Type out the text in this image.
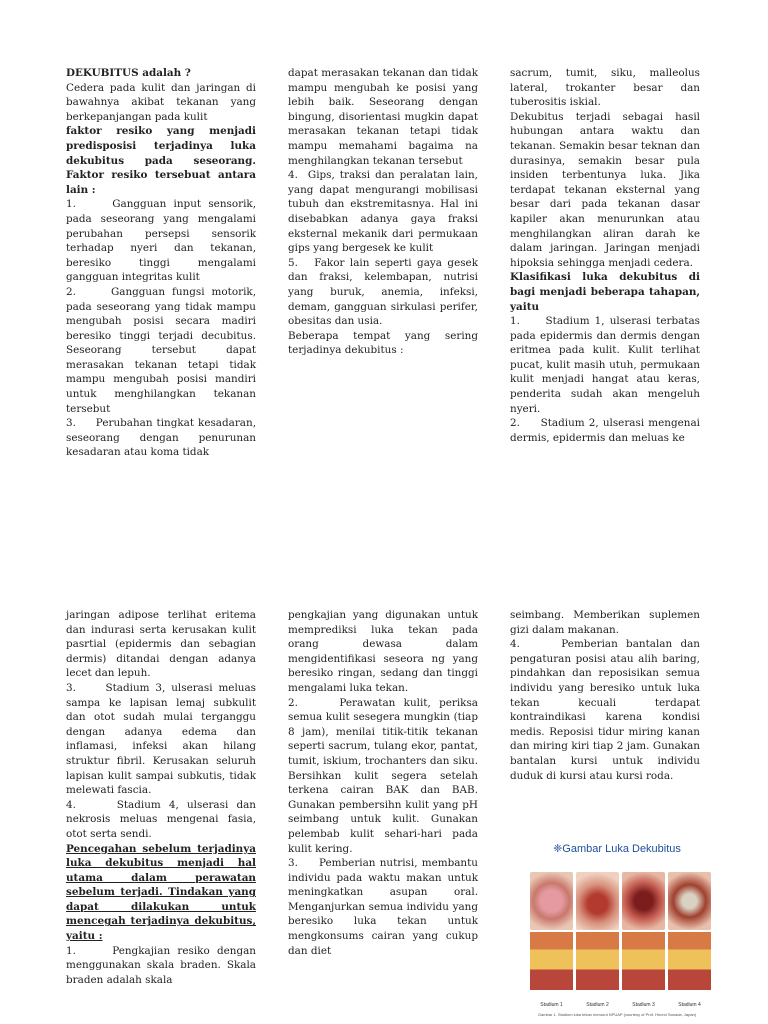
DEKUBITUS adalah ?

Cedera pada kulit dan jaringan di bawahnya akibat tekanan yang berkepanjangan pada kulit

faktor resiko yang menjadi predisposisi terjadinya luka dekubitus pada seseorang. Faktor resiko tersebuat antara lain :

1.     Gangguan input sensorik, pada seseorang yang mengalami perubahan persepsi sensorik terhadap nyeri dan tekanan, beresiko tinggi mengalami gangguan integritas kulit

2.     Gangguan fungsi motorik, pada seseorang yang tidak mampu mengubah posisi secara madiri beresiko tinggi terjadi decubitus. Seseorang tersebut dapat merasakan tekanan tetapi tidak mampu mengubah posisi mandiri untuk menghilangkan tekanan tersebut

3.     Perubahan tingkat kesadaran, seseorang dengan penurunan kesadaran atau koma tidak

dapat merasakan tekanan dan tidak mampu mengubah ke posisi yang lebih baik. Seseorang dengan bingung, disorientasi mugkin dapat merasakan tekanan tetapi tidak mampu memahami bagaima na menghilangkan tekanan tersebut

4.  Gips, traksi dan peralatan lain, yang dapat mengurangi mobilisasi tubuh dan ekstremitasnya. Hal ini disebabkan adanya gaya fraksi eksternal mekanik dari permukaan gips yang bergesek ke kulit

5.   Fakor lain seperti gaya gesek dan fraksi, kelembapan, nutrisi yang buruk, anemia, infeksi, demam, gangguan sirkulasi perifer, obesitas dan usia.

Beberapa tempat yang sering terjadinya dekubitus :

sacrum, tumit, siku, malleolus lateral, trokanter besar dan tuberositis iskial.

Dekubitus terjadi sebagai hasil hubungan antara waktu dan tekanan. Semakin besar teknan dan durasinya, semakin besar pula insiden terbentunya luka. Jika terdapat tekanan eksternal yang besar dari pada tekanan dasar kapiler akan menurunkan atau menghilangkan aliran darah ke dalam jaringan. Jaringan menjadi hipoksia sehingga menjadi cedera.

Klasifikasi luka dekubitus di bagi menjadi beberapa tahapan, yaitu

1.     Stadium 1, ulserasi terbatas pada epidermis dan dermis dengan eritmea pada kulit. Kulit terlihat pucat, kulit masih utuh, permukaan kulit menjadi hangat atau keras, penderita sudah akan mengeluh nyeri.

2.     Stadium 2, ulserasi mengenai dermis, epidermis dan meluas ke

jaringan adipose terlihat eritema dan indurasi serta kerusakan kulit pasrtial (epidermis dan sebagian dermis) ditandai dengan adanya lecet dan lepuh.

3.     Stadium 3, ulserasi meluas sampa ke lapisan lemaj subkulit dan otot sudah mulai terganggu dengan adanya edema dan inflamasi, infeksi akan hilang struktur fibril. Kerusakan seluruh lapisan kulit sampai subkutis, tidak melewati fascia.

4.     Stadium 4, ulserasi dan nekrosis meluas mengenai fasia, otot serta sendi.

Pencegahan sebelum terjadinya luka dekubitus menjadi hal utama dalam perawatan sebelum terjadi. Tindakan yang dapat dilakukan untuk mencegah terjadinya dekubitus, yaitu :

1.     Pengkajian resiko dengan menggunakan skala braden. Skala braden adalah skala

pengkajian yang digunakan untuk memprediksi luka tekan pada orang dewasa dalam mengidentifikasi seseora ng yang beresiko ringan, sedang dan tinggi mengalami luka tekan.

2.     Perawatan kulit, periksa semua kulit sesegera mungkin (tiap 8 jam), menilai titik-titik tekanan seperti sacrum, tulang ekor, pantat, tumit, iskium, trochanters dan siku. Bersihkan kulit segera setelah terkena cairan BAK dan BAB. Gunakan pembersihn kulit yang pH seimbang untuk kulit. Gunakan pelembab kulit sehari-hari pada kulit kering.

3.     Pemberian nutrisi, membantu individu pada waktu makan untuk meningkatkan asupan oral. Menganjurkan semua individu yang beresiko luka tekan untuk mengkonsums cairan yang cukup dan diet

seimbang. Memberikan suplemen gizi dalam makanan.

4.     Pemberian bantalan dan pengaturan posisi atau alih baring, pindahkan dan reposisikan semua individu yang beresiko untuk luka tekan kecuali terdapat kontraindikasi karena kondisi medis. Reposisi tidur miring kanan dan miring kiri tiap 2 jam. Gunakan bantalan kursi untuk individu duduk di kursi atau kursi roda.

❈Gambar Luka Dekubitus
Stadium 1	Stadium 2	Stadium 3	Stadium 4
Gambar 1. Stadium luka tekan menurut NPUAP (courtesy of Prof. Hiromi Sanada, Japan)
